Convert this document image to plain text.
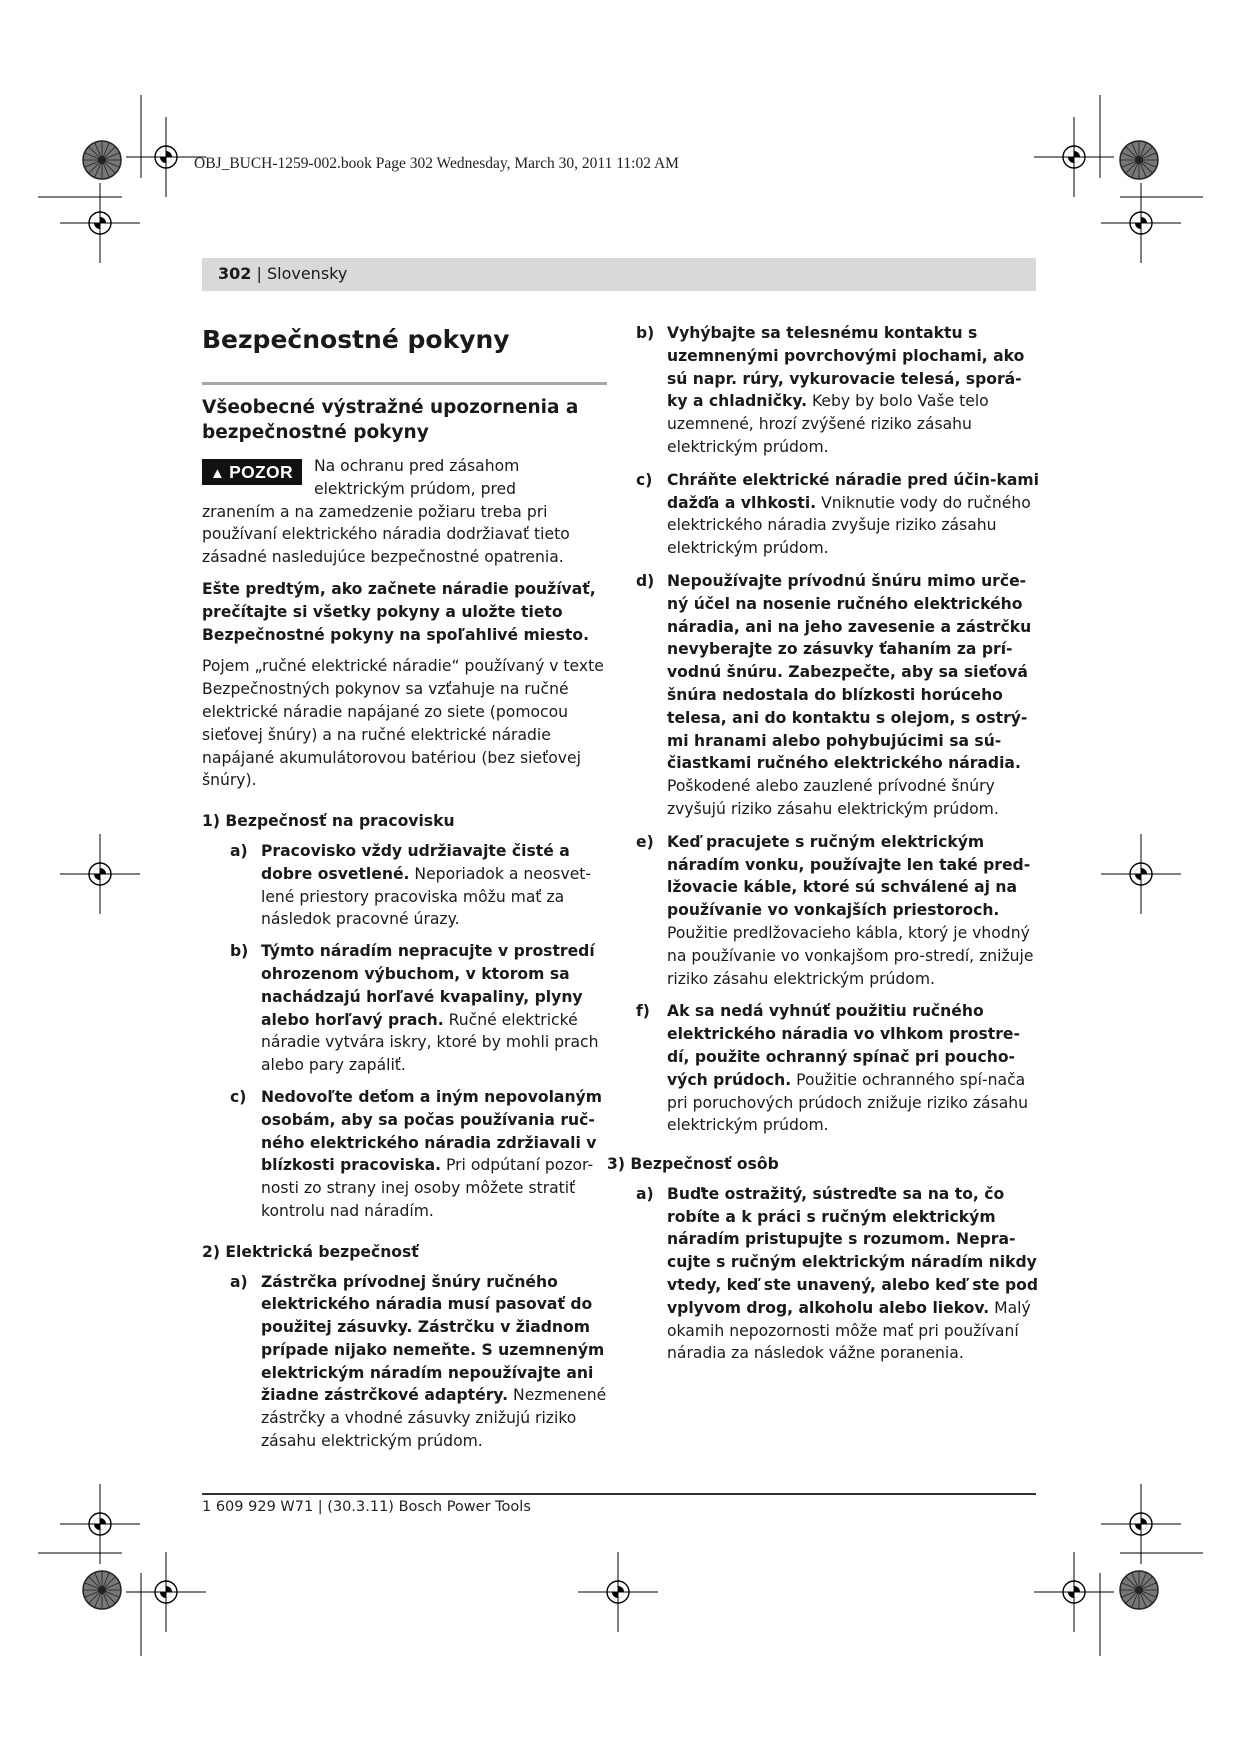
OBJ_BUCH-1259-002.book Page 302 Wednesday, March 30, 2011 11:02 AM
302 | Slovensky
Bezpečnostné pokyny
Všeobecné výstražné upozornenia a bezpečnostné pokyny
▲ POZOR	Na ochranu pred zásahom elektrickým prúdom, pred

zranením a na zamedzenie požiaru treba pri používaní elektrického náradia dodržiavať tieto zásadné nasledujúce bezpečnostné opatrenia.

Ešte predtým, ako začnete náradie používať, prečítajte si všetky pokyny a uložte tieto Bezpečnostné pokyny na spoľahlivé miesto.

Pojem „ručné elektrické náradie“ používaný v texte Bezpečnostných pokynov sa vzťahuje na ručné elektrické náradie napájané zo siete (pomocou sieťovej šnúry) a na ručné elektrické náradie napájané akumulátorovou batériou (bez sieťovej šnúry).

1) Bezpečnosť na pracovisku
a) Pracovisko vždy udržiavajte čisté a dobre osvetlené. Neporiadok a neosvet-lené priestory pracoviska môžu mať za následok pracovné úrazy.
b) Týmto náradím nepracujte v prostredí ohrozenom výbuchom, v ktorom sa nachádzajú horľavé kvapaliny, plyny alebo horľavý prach. Ručné elektrické náradie vytvára iskry, ktoré by mohli prach alebo pary zapáliť.
c) Nedovoľte deťom a iným nepovolaným osobám, aby sa počas používania ruč-ného elektrického náradia zdržiavali v blízkosti pracoviska. Pri odpútaní pozor-nosti zo strany inej osoby môžete stratiť kontrolu nad náradím.
2) Elektrická bezpečnosť
a) Zástrčka prívodnej šnúry ručného elektrického náradia musí pasovať do použitej zásuvky. Zástrčku v žiadnom prípade nijako nemeňte. S uzemneným elektrickým náradím nepoužívajte ani žiadne zástrčkové adaptéry. Nezmenené zástrčky a vhodné zásuvky znižujú riziko zásahu elektrickým prúdom.
b) Vyhýbajte sa telesnému kontaktu s uzemnenými povrchovými plochami, ako sú napr. rúry, vykurovacie telesá, sporá-ky a chladničky. Keby by bolo Vaše telo uzemnené, hrozí zvýšené riziko zásahu elektrickým prúdom.
c) Chráňte elektrické náradie pred účin-kami dažďa a vlhkosti. Vniknutie vody do ručného elektrického náradia zvyšuje riziko zásahu elektrickým prúdom.
d) Nepoužívajte prívodnú šnúru mimo urče-ný účel na nosenie ručného elektrického náradia, ani na jeho zavesenie a zástrčku nevyberajte zo zásuvky ťahaním za prí-vodnú šnúru. Zabezpečte, aby sa sieťová šnúra nedostala do blízkosti horúceho telesa, ani do kontaktu s olejom, s ostrý-mi hranami alebo pohybujúcimi sa sú-čiastkami ručného elektrického náradia. Poškodené alebo zauzlené prívodné šnúry zvyšujú riziko zásahu elektrickým prúdom.
e) Keď pracujete s ručným elektrickým náradím vonku, používajte len také pred-lžovacie káble, ktoré sú schválené aj na používanie vo vonkajších priestoroch. Použitie predlžovacieho kábla, ktorý je vhodný na používanie vo vonkajšom pro-stredí, znižuje riziko zásahu elektrickým prúdom.
f)	Ak sa nedá vyhnúť použitiu ručného elektrického náradia vo vlhkom prostre-dí, použite ochranný spínač pri poucho-vých prúdoch. Použitie ochranného spí-nača pri poruchových prúdoch znižuje riziko zásahu elektrickým prúdom.
3) Bezpečnosť osôb
a) Buďte ostražitý, sústreďte sa na to, čo robíte a k práci s ručným elektrickým náradím pristupujte s rozumom. Nepra-cujte s ručným elektrickým náradím nikdy vtedy, keď ste unavený, alebo keď ste pod vplyvom drog, alkoholu alebo liekov. Malý okamih nepozornosti môže mať pri používaní náradia za následok vážne poranenia.
1 609 929 W71 | (30.3.11) Bosch Power Tools
